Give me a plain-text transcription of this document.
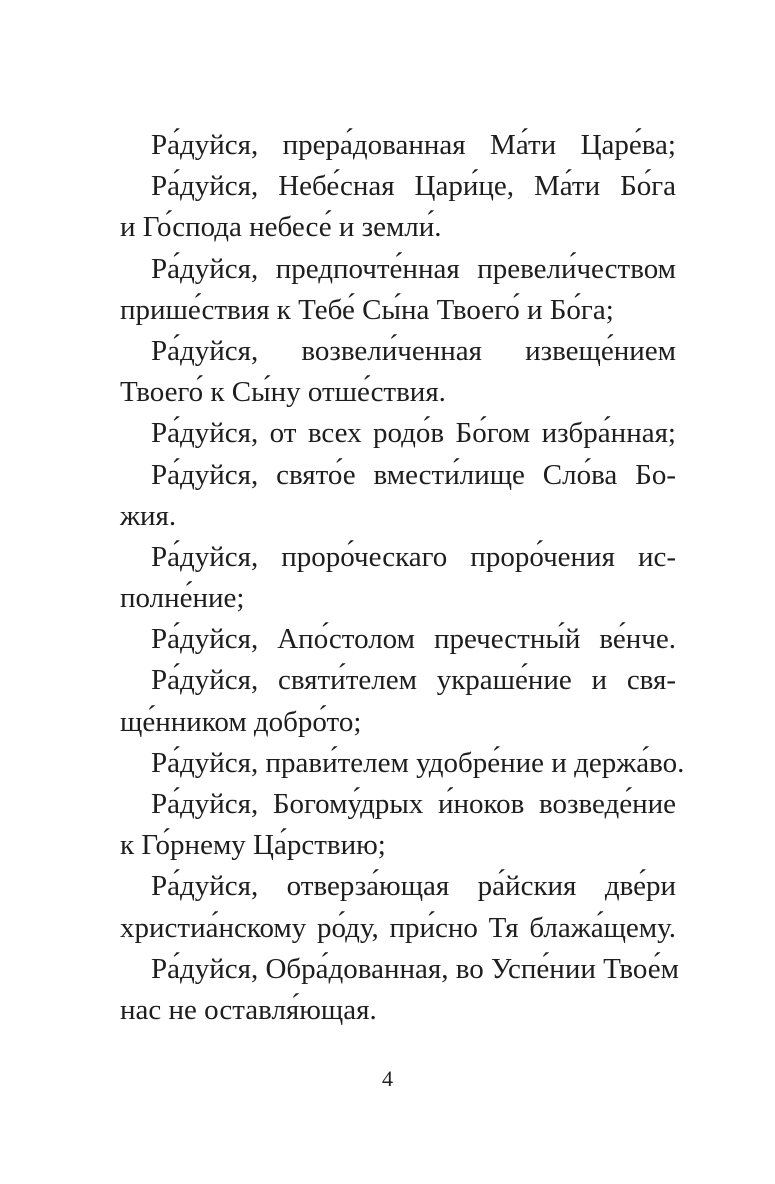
Ра́дуйся, прера́дованная Ма́ти Царе́ва;
Ра́дуйся, Небе́сная Цари́це, Ма́ти Бо́га
и Го́спода небесе́ и земли́.
Ра́дуйся, предпочте́нная превели́чеством
прише́ствия к Тебе́ Сы́на Твоего́ и Бо́га;
Ра́дуйся, возвели́ченная извеще́нием
Твоего́ к Сы́ну отше́ствия.
Ра́дуйся, от всех родо́в Бо́гом избра́нная;
Ра́дуйся, свято́е вмести́лище Сло́ва Бо-
жия.
Ра́дуйся, проро́ческаго проро́чения ис-
полне́ние;
Ра́дуйся, Апо́столом пречестны́й ве́нче.
Ра́дуйся, святи́телем украше́ние и свя-
ще́нником добро́то;
Ра́дуйся, прави́телем удобре́ние и держа́во.
Ра́дуйся, Богому́дрых и́ноков возведе́ние
к Го́рнему Ца́рствию;
Ра́дуйся, отверза́ющая ра́йския две́ри
христиа́нскому ро́ду, при́сно Тя блажа́щему.
Ра́дуйся, Обра́дованная, во Успе́нии Твое́м
нас не оставля́ющая.
4
